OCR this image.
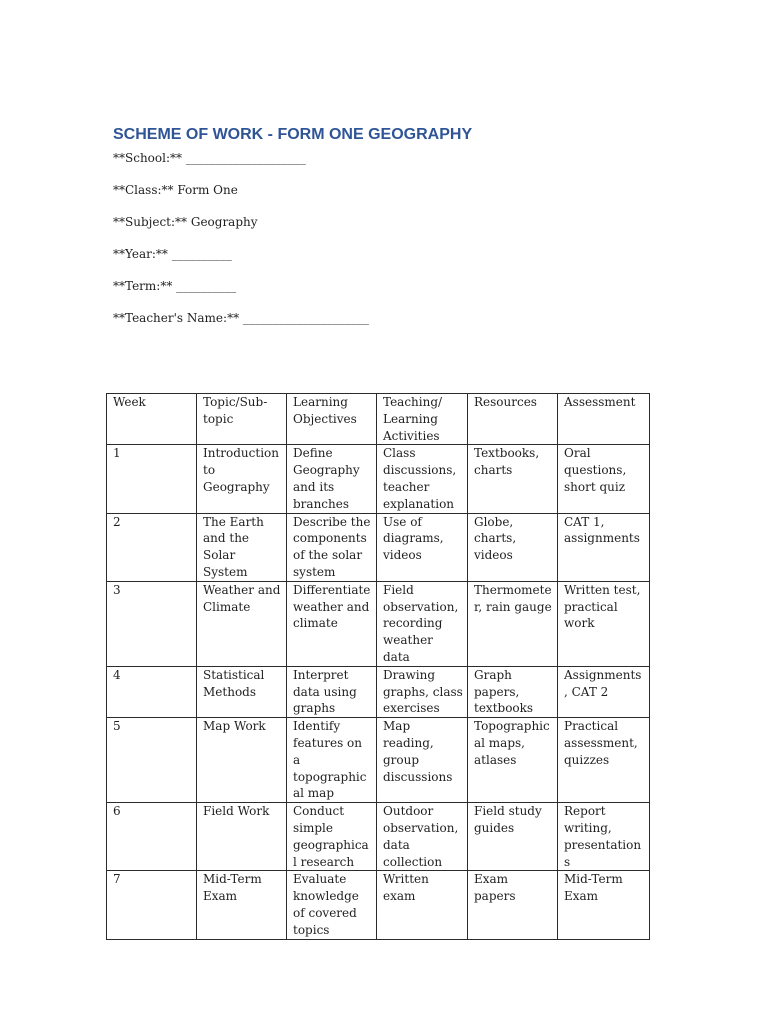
SCHEME OF WORK - FORM ONE GEOGRAPHY
**School:** ____________________
**Class:** Form One
**Subject:** Geography
**Year:** __________
**Term:** __________
**Teacher's Name:** _____________________
Week	Topic/Sub-topic	Learning Objectives	Teaching/ Learning Activities	Resources	Assessment
1	Introduction to Geography	Define Geography and its branches	Class discussions, teacher explanation	Textbooks, charts	Oral questions, short quiz
2	The Earth and the Solar System	Describe the components of the solar system	Use of diagrams, videos	Globe, charts, videos	CAT 1, assignments
3	Weather and Climate	Differentiate weather and climate	Field observation, recording weather data	Thermometer, rain gauge	Written test, practical work
4	Statistical Methods	Interpret data using graphs	Drawing graphs, class exercises	Graph papers, textbooks	Assignments, CAT 2
5	Map Work	Identify features on a topographical map	Map reading, group discussions	Topographical maps, atlases	Practical assessment, quizzes
6	Field Work	Conduct simple geographical research	Outdoor observation, data collection	Field study guides	Report writing, presentations
7	Mid-Term Exam	Evaluate knowledge of covered topics	Written exam	Exam papers	Mid-Term Exam
